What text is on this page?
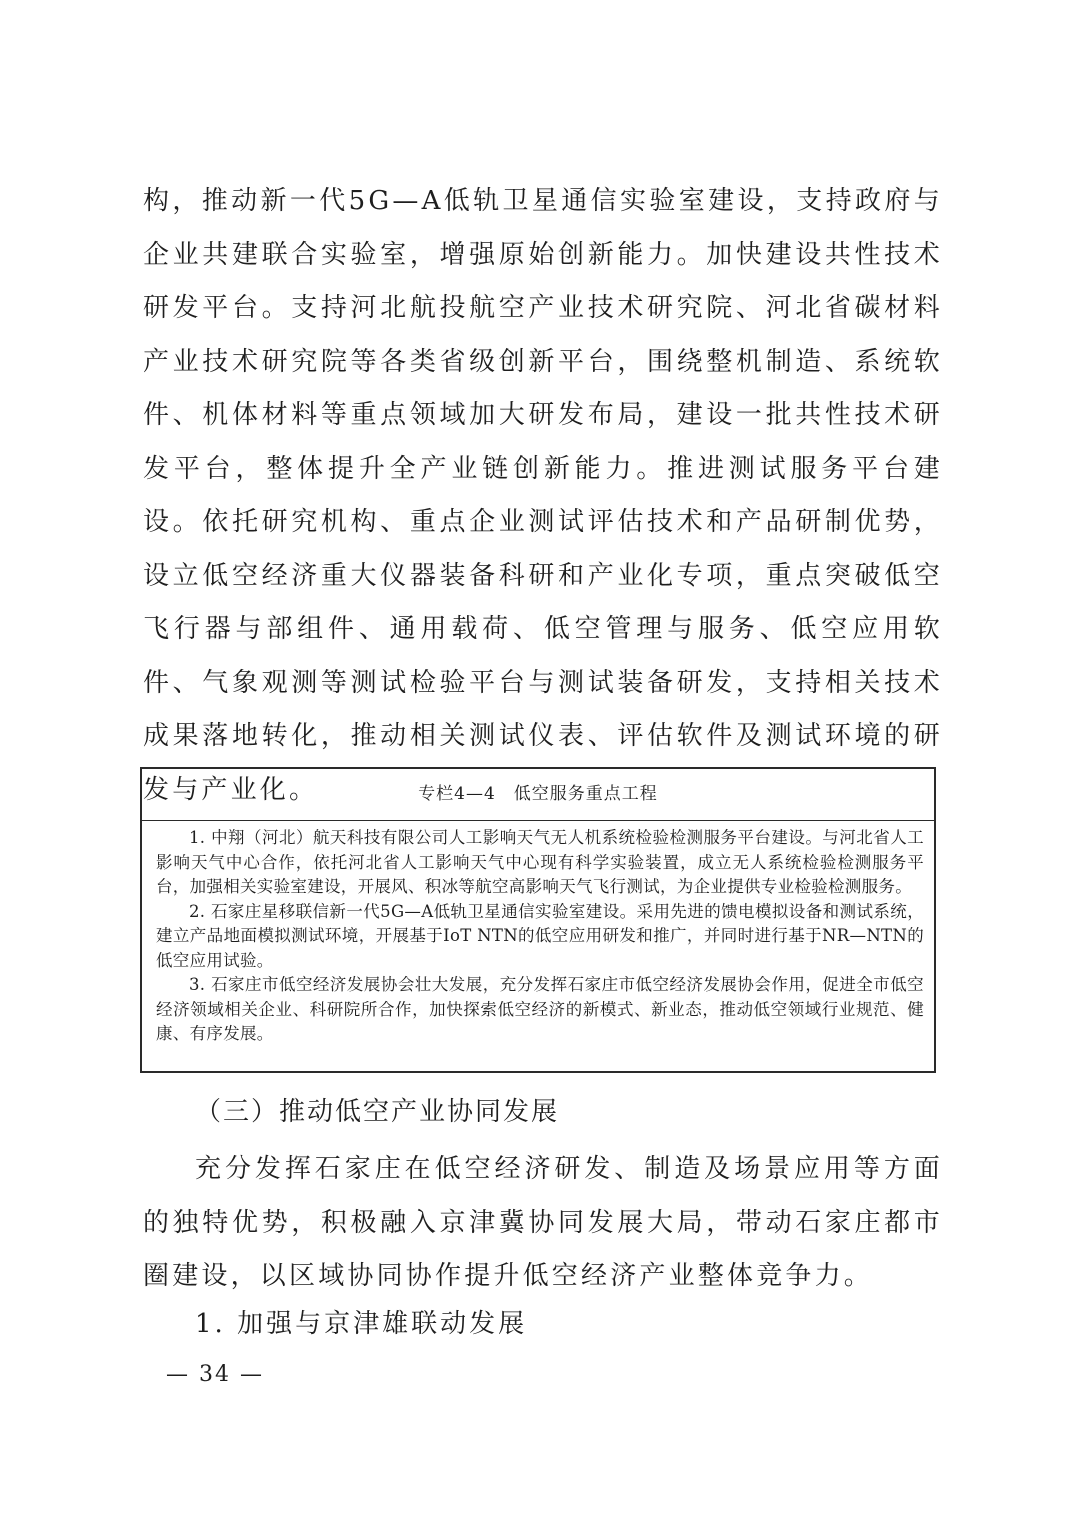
构，推动新一代5G—A低轨卫星通信实验室建设，支持政府与企业共建联合实验室，增强原始创新能力。加快建设共性技术研发平台。支持河北航投航空产业技术研究院、河北省碳材料产业技术研究院等各类省级创新平台，围绕整机制造、系统软件、机体材料等重点领域加大研发布局，建设一批共性技术研发平台，整体提升全产业链创新能力。推进测试服务平台建设。依托研究机构、重点企业测试评估技术和产品研制优势，设立低空经济重大仪器装备科研和产业化专项，重点突破低空飞行器与部组件、通用载荷、低空管理与服务、低空应用软件、气象观测等测试检验平台与测试装备研发，支持相关技术成果落地转化，推动相关测试仪表、评估软件及测试环境的研发与产业化。	专栏4—4　低空服务重点工程

1. 中翔（河北）航天科技有限公司人工影响天气无人机系统检验检测服务平台建设。与河北省人工影响天气中心合作，依托河北省人工影响天气中心现有科学实验装置，成立无人系统检验检测服务平台，加强相关实验室建设，开展风、积冰等航空高影响天气飞行测试，为企业提供专业检验检测服务。

2. 石家庄星移联信新一代5G—A低轨卫星通信实验室建设。采用先进的馈电模拟设备和测试系统，建立产品地面模拟测试环境，开展基于IoT NTN的低空应用研发和推广，并同时进行基于NR—NTN的低空应用试验。

3. 石家庄市低空经济发展协会壮大发展，充分发挥石家庄市低空经济发展协会作用，促进全市低空经济领域相关企业、科研院所合作，加快探索低空经济的新模式、新业态，推动低空领域行业规范、健康、有序发展。

（三）推动低空产业协同发展

充分发挥石家庄在低空经济研发、制造及场景应用等方面的独特优势，积极融入京津冀协同发展大局，带动石家庄都市圈建设，以区域协同协作提升低空经济产业整体竞争力。

1. 加强与京津雄联动发展

— 34 —
